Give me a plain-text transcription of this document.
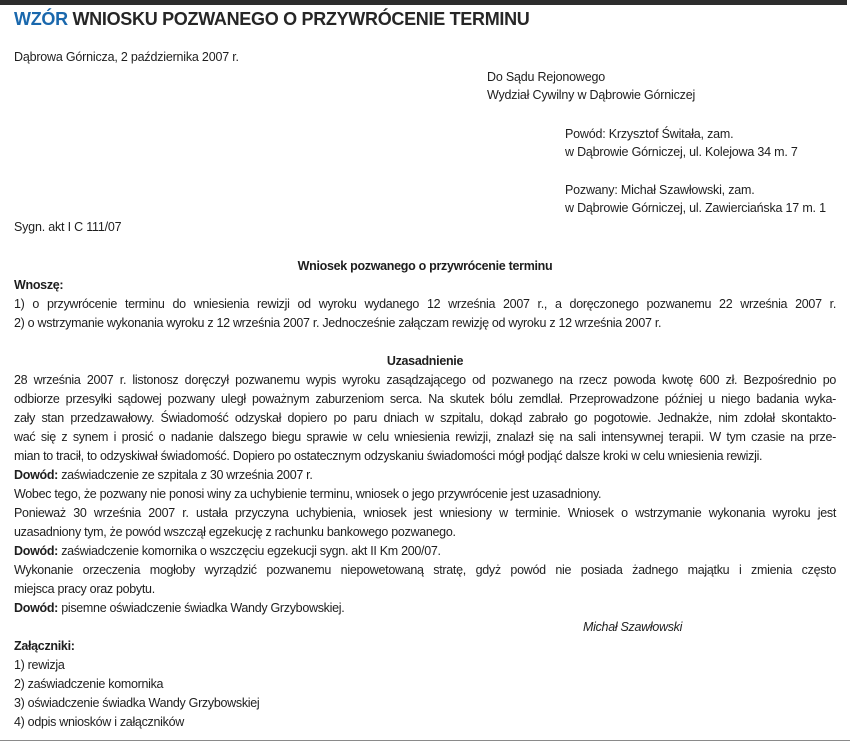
WZÓR WNIOSKU POZWANEGO O PRZYWRÓCENIE TERMINU
Dąbrowa Górnicza, 2 października 2007 r.
Do Sądu Rejonowego
Wydział Cywilny w Dąbrowie Górniczej
Powód: Krzysztof Świtała, zam.
w Dąbrowie Górniczej, ul. Kolejowa 34 m. 7
Pozwany: Michał Szawłowski, zam.
w Dąbrowie Górniczej, ul. Zawierciańska 17 m. 1
Sygn. akt I C 111/07
Wniosek pozwanego o przywrócenie terminu
Wnoszę:
1) o przywrócenie terminu do wniesienia rewizji od wyroku wydanego 12 września 2007 r., a doręczonego pozwanemu 22 września 2007 r.
2) o wstrzymanie wykonania wyroku z 12 września 2007 r. Jednocześnie załączam rewizję od wyroku z 12 września 2007 r.
Uzasadnienie
28 września 2007 r. listonosz doręczył pozwanemu wypis wyroku zasądzającego od pozwanego na rzecz powoda kwotę 600 zł. Bezpośrednio po
odbiorze przesyłki sądowej pozwany uległ poważnym zaburzeniom serca. Na skutek bólu zemdlał. Przeprowadzone później u niego badania wyka-
zały stan przedzawałowy. Świadomość odzyskał dopiero po paru dniach w szpitalu, dokąd zabrało go pogotowie. Jednakże, nim zdołał skontakto-
wać się z synem i prosić o nadanie dalszego biegu sprawie w celu wniesienia rewizji, znalazł się na sali intensywnej terapii. W tym czasie na prze-
mian to tracił, to odzyskiwał świadomość. Dopiero po ostatecznym odzyskaniu świadomości mógł podjąć dalsze kroki w celu wniesienia rewizji.
Dowód: zaświadczenie ze szpitala z 30 września 2007 r.
Wobec tego, że pozwany nie ponosi winy za uchybienie terminu, wniosek o jego przywrócenie jest uzasadniony.
Ponieważ 30 września 2007 r. ustała przyczyna uchybienia, wniosek jest wniesiony w terminie. Wniosek o wstrzymanie wykonania wyroku jest
uzasadniony tym, że powód wszczął egzekucję z rachunku bankowego pozwanego.
Dowód: zaświadczenie komornika o wszczęciu egzekucji sygn. akt II Km 200/07.
Wykonanie orzeczenia mogłoby wyrządzić pozwanemu niepowetowaną stratę, gdyż powód nie posiada żadnego majątku i zmienia często
miejsca pracy oraz pobytu.
Dowód: pisemne oświadczenie świadka Wandy Grzybowskiej.
Michał Szawłowski
Załączniki:
1) rewizja
2) zaświadczenie komornika
3) oświadczenie świadka Wandy Grzybowskiej
4) odpis wniosków i załączników
